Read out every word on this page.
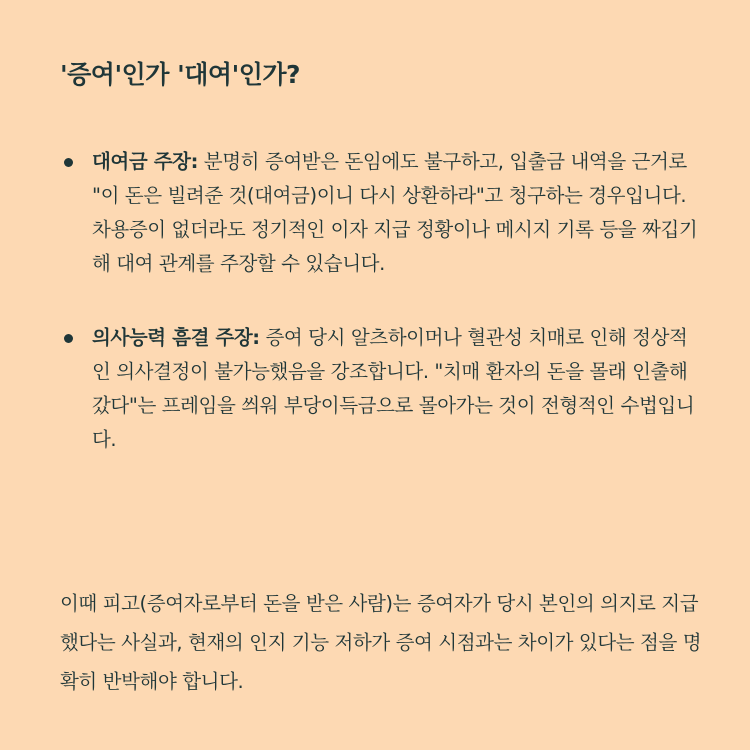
'증여'인가 '대여'인가?
대여금 주장: 분명히 증여받은 돈임에도 불구하고, 입출금 내역을 근거로 "이 돈은 빌려준 것(대여금)이니 다시 상환하라"고 청구하는 경우입니다. 차용증이 없더라도 정기적인 이자 지급 정황이나 메시지 기록 등을 짜깁기해 대여 관계를 주장할 수 있습니다.
의사능력 흠결 주장: 증여 당시 알츠하이머나 혈관성 치매로 인해 정상적인 의사결정이 불가능했음을 강조합니다. "치매 환자의 돈을 몰래 인출해 갔다"는 프레임을 씌워 부당이득금으로 몰아가는 것이 전형적인 수법입니다.

이때 피고(증여자로부터 돈을 받은 사람)는 증여자가 당시 본인의 의지로 지급했다는 사실과, 현재의 인지 기능 저하가 증여 시점과는 차이가 있다는 점을 명확히 반박해야 합니다.
